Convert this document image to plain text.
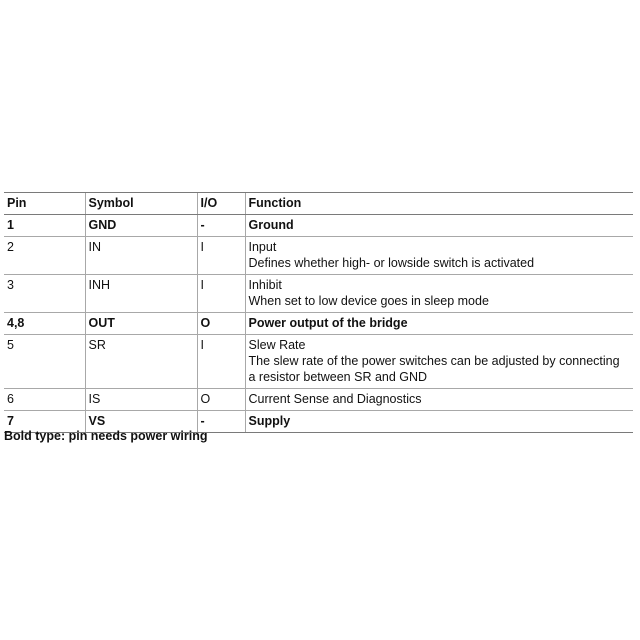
Pin	Symbol	I/O	Function
1	GND	-	Ground

2	IN	I	Input
Defines whether high- or lowside switch is activated

3	INH	I	Inhibit
When set to low device goes in sleep mode

4,8	OUT	O	Power output of the bridge

5	SR	I	Slew Rate
The slew rate of the power switches can be adjusted by connecting
a resistor between SR and GND

6	IS	O	Current Sense and Diagnostics

7	VS	-	Supply
Bold type: pin needs power wiring
